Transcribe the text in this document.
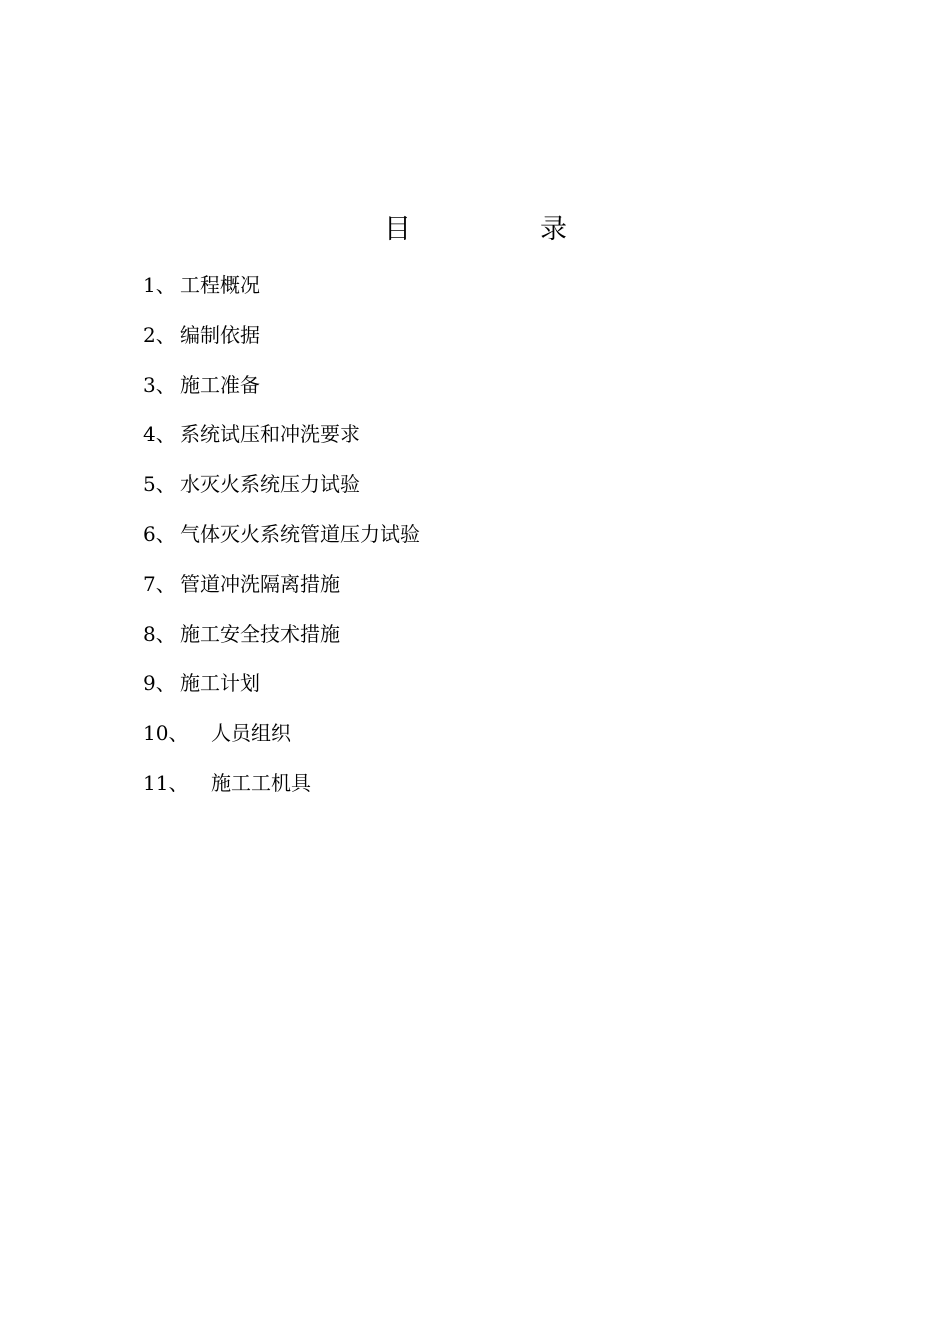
目	录
1、 工程概况
2、 编制依据
3、 施工准备
4、 系统试压和冲洗要求
5、 水灭火系统压力试验
6、 气体灭火系统管道压力试验
7、 管道冲洗隔离措施
8、 施工安全技术措施
9、 施工计划
10、	人员组织
11、	施工工机具
